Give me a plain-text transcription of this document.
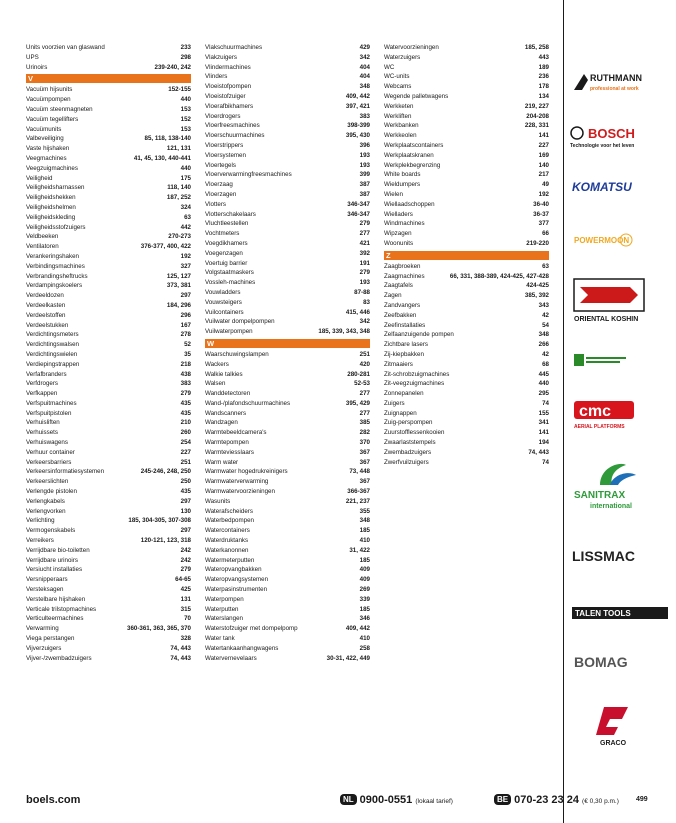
Units voorzien van glaswand	233
UPS	298
Urinoirs	239-240, 242
V
Vacuüm hijsunits	152-155
Vacuümpompen	440
Vacuüm steenmagneten	153
Vacuüm tegellifters	152
Vacuümunits	153
Valbeveiliging	85, 118, 138-140
Vaste hijshaken	121, 131
Veegmachines	41, 45, 130, 440-441
Veegzuigmachines	440
Veiligheid	175
Veiligheidsharnassen	118, 140
Veiligheidshekken	187, 252
Veiligheidshelmen	324
Veiligheidskleding	63
Veiligheidsstofzuigers	442
Veldbeeken	270-273
Ventilatoren	376-377, 400, 422
Verankeringshaken	192
Verbindingsmachines	327
Verbrandingsheftrucks	125, 127
Verdampingskoelers	373, 381
Verdeeldozen	297
Verdeelkasten	184, 296
Verdeelstoffen	296
Verdeelstukken	167
Verdichtingsmeters	278
Verdichtingswalsen	52
Verdichtingswielen	35
Verdiepingstrappen	218
Verfafbranders	438
Verfdrogers	383
Verfkappen	279
Verfspuitmachines	435
Verfspuitpistolen	435
Verhuisliften	210
Verhuissets	260
Verhuiswagens	254
Verhuur container	227
Verkeersbarriers	251
Verkeersinformatiesystemen	245-246, 248, 250
Verkeerslichten	250
Verlengde pistolen	435
Verlengkabels	297
Verlengvorken	130
Verlichting	185, 304-305, 307-308
Vermogenskabels	297
Verreikers	120-121, 123, 318
Verrijdbare bio-toiletten	242
Verrijdbare urinoirs	242
Versiucht installaties	279
Versnipperaars	64-65
Versteksagen	425
Verstelbare hijshaken	131
Verticale trilstopmachines	315
Verticulteermachines	70
Verwarming	360-361, 363, 365, 370
Viega perstangen	328
Vijverzuigers	74, 443
Vijver-/zwembadzuigers	74, 443
Vlakschuurmachines	429
Vlakzuigers	342
Vlindermachines	404
Vlinders	404
Vloeistofpompen	348
Vloeistofzuiger	409, 442
Vloerafbikhamers	397, 421
Vloerdrogers	383
Vloerfreesmachines	398-399
Vloerschuurmachines	395, 430
Vloerstrippers	396
Vloersystemen	193
Vloertegels	193
Vloerverwarmingfreesmachines	399
Vloerzaag	387
Vloerzagen	387
Vlotters	346-347
Vlotterschakelaars	346-347
Vluchtleestellen	279
Vochtmeters	277
Voegdikhamers	421
Voegenzagen	392
Voertuig barrier	191
Volgstaatmaskers	279
Vossleh-machines	193
Vouwladders	87-88
Vouwsteigers	83
Vuilcontainers	415, 446
Vuilwater dompelpompen	342
Vuilwaterpompen	185, 339, 343, 348
W
Waarschuwingslampen	251
Wackers	420
Walkie talkies	280-281
Walsen	52-53
Wanddetectoren	277
Wand-/plafondschuurmachines	395, 429
Wandscanners	277
Wandzagen	385
Warmtebeeldcamera's	282
Warmtepompen	370
Warmteviesslaars	367
Warm water	367
Warmwater hogedrukreinigers	73, 448
Warmwaterverwarming	367
Warmwatervoorzieningen	366-367
Wasunits	221, 237
Waterafscheiders	355
Waterbedpompen	348
Watercontainers	185
Waterdruktanks	410
Waterkanonnen	31, 422
Watermeterputten	185
Wateropvangbakken	409
Wateropvangsystemen	409
Waterpasinstrumenten	269
Waterpompen	339
Waterputten	185
Waterslangen	346
Waterstofzuiger met dompelpomp	409, 442
Water tank	410
Watertankaanhangwagens	258
Watervernevelaars	30-31, 422, 449
Watervoorzieningen	185, 258
Waterzuigers	443
WC	189
WC-units	236
Webcams	178
Wegende palletwagens	134
Werkketen	219, 227
Werkliften	204-208
Werkbanken	228, 331
Werkkeolen	141
Werkplaatscontainers	227
Werkplaatskranen	169
Werkplekbegrenzing	140
White boards	217
Wieldumpers	49
Wielen	192
Wiellaadschoppen	36-40
Wielladers	36-37
Windmachines	377
Wipzagen	66
Woonunits	219-220
Z
Zaagbroeken	63
Zaagmachines	66, 331, 388-389, 424-425, 427-428
Zaagtafels	424-425
Zagen	385, 392
Zandvangers	343
Zeefbakken	42
Zeefinstallaties	54
Zelfaanzuigende pompen	348
Zichtbare lasers	266
Zij-kiepbakken	42
Zitmaaiers	68
Zit-schrobzuigmachines	445
Zit-veegzuigmachines	440
Zonnepanelen	295
Zuigers	74
Zuignappen	155
Zuig-perspompen	341
Zuurstofflessenkooien	141
Zwaarlaststempels	194
Zwembadzuigers	74, 443
Zwerfvuilzuigers	74
RUTHMANN
professional at work
BOSCH
Technologie voor het leven
KOMATSU
POWERMOON
ORIENTAL KOSHIN
cmc
AERIAL PLATFORMS
SANITRAX
international
LISSMAC
TALEN TOOLS
BOMAG
GRACO
boels.com	NL 0900-0551 (lokaal tarief)	BE 070-23 23 24 (€ 0,30 p.m.) 499
